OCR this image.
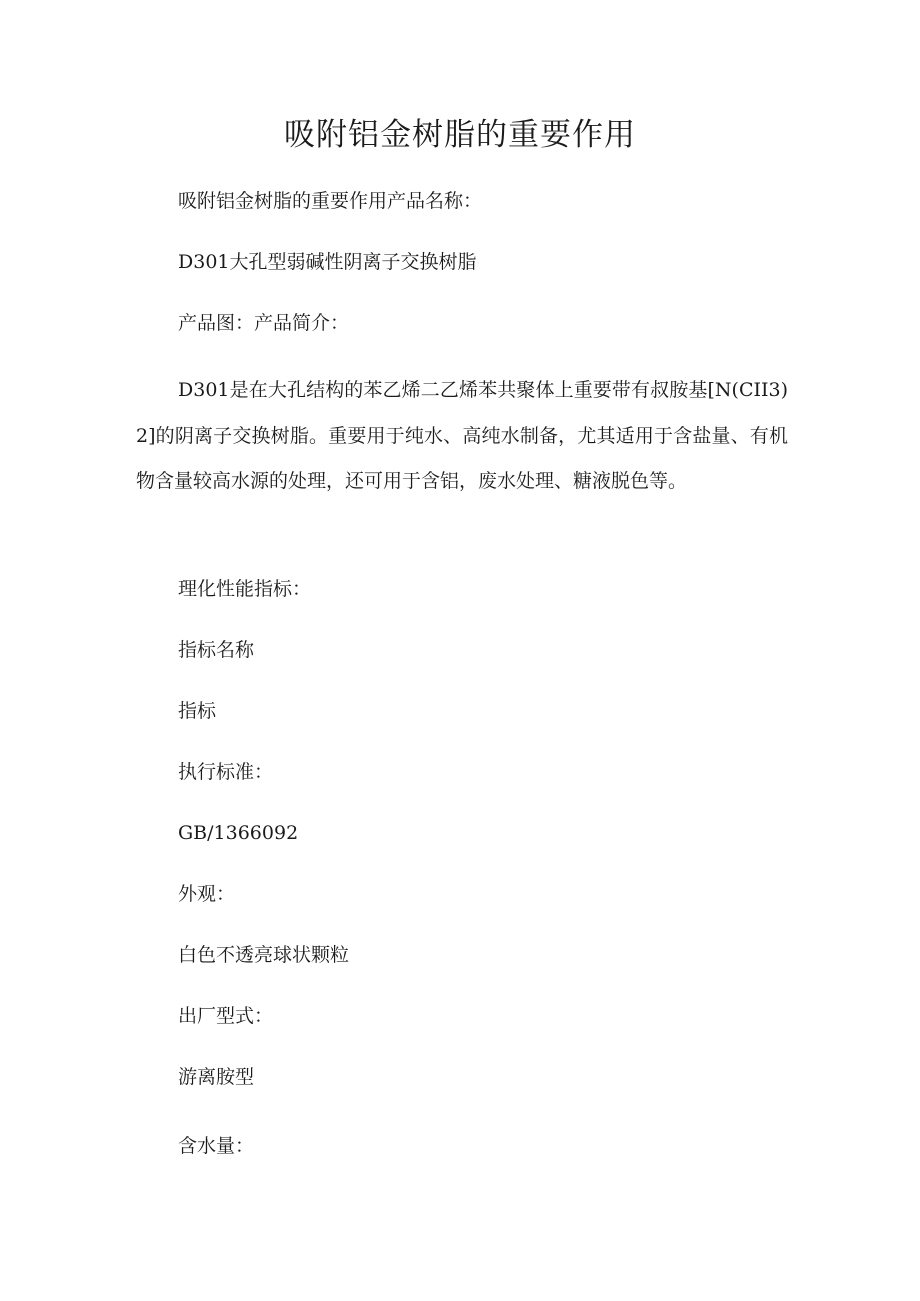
吸附铝金树脂的重要作用

吸附铝金树脂的重要作用产品名称：

D301大孔型弱碱性阴离子交换树脂

产品图：产品简介：

D301是在大孔结构的苯乙烯二乙烯苯共聚体上重要带有叔胺基[N(CII3)2]的阴离子交换树脂。重要用于纯水、高纯水制备，尤其适用于含盐量、有机物含量较高水源的处理，还可用于含铝，废水处理、糖液脱色等。

理化性能指标：

指标名称

指标

执行标准：

GB/1366092

外观：

白色不透亮球状颗粒

出厂型式：

游离胺型

含水量：
